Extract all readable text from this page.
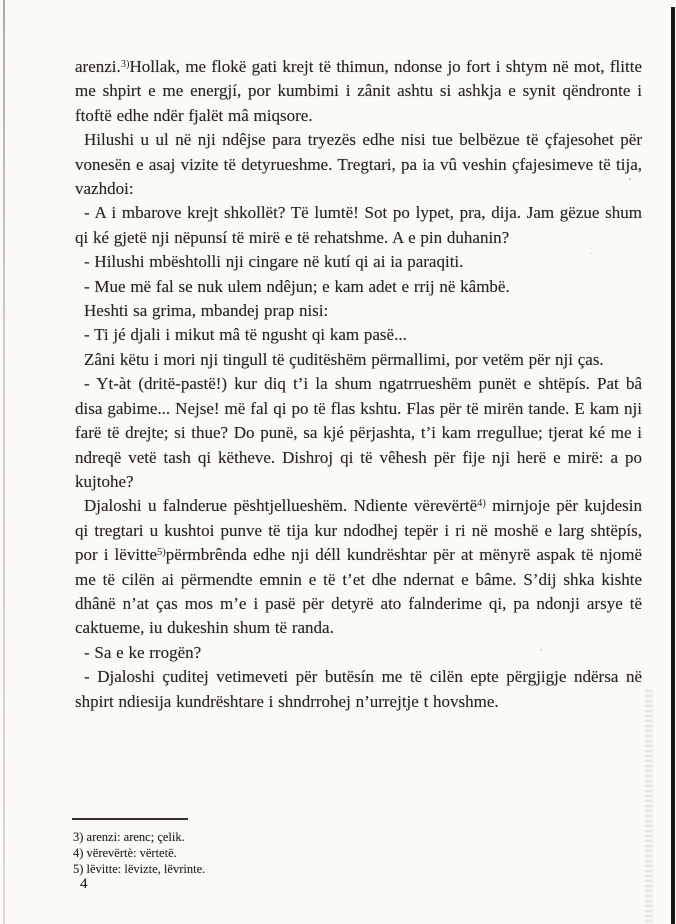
arenzi.$^{3)}$Hollak, me flokë gati krejt të thimun, ndonse jo fort i shtym në mot, flitte me shpirt e me energjí, por kumbimi i zânit ashtu si ashkja e synit qëndronte i ftoftë edhe ndër fjalët mâ miqsore.

Hilushi u ul në nji ndêjse para tryezës edhe nisi tue belbëzue të çfajesohet për vonesën e asaj vizite të detyrueshme. Tregtari, pa ia vû veshin çfajesimeve të tija, vazhdoi:

- A i mbarove krejt shkollët? Të lumtë! Sot po lypet, pra, dija. Jam gëzue shum qi ké gjetë nji nëpunsí të mirë e të rehatshme. A e pin duhanin?

- Hilushi mbështolli nji cingare në kutí qi ai ia paraqiti.

- Mue më fal se nuk ulem ndêjun; e kam adet e rrij në kâmbë.

Heshti sa grima, mbandej prap nisi:

- Ti jé djali i mikut mâ të ngusht qi kam pasë...

Zâni këtu i mori nji tingull të çuditëshëm përmallimi, por vetëm për nji ças.

- Yt-àt (dritë-pastë!) kur diq t’i la shum ngatrrueshëm punët e shtëpís. Pat bâ disa gabime... Nejse! më fal qi po të flas kshtu. Flas për të mirën tande. E kam nji farë të drejte; si thue? Do punë, sa kjé përjashta, t’i kam rregullue; tjerat ké me i ndreqë vetë tash qi këtheve. Dishroj qi të vêhesh për fije nji herë e mirë: a po kujtohe?

Djaloshi u falnderue pështjellueshëm. Ndiente vërevërtë$^{4)}$ mirnjoje për kujdesin qi tregtari u kushtoi punve të tija kur ndodhej tepër i ri në moshë e larg shtëpís, por i lëvitte$^{5)}$përmbrênda edhe nji déll kundrështar për at mënyrë aspak të njomë me të cilën ai përmendte emnin e të t’et dhe ndernat e bâme. S’dij shka kishte dhânë n’at ças mos m’e i pasë për detyrë ato falnderime qi, pa ndonji arsye të caktueme, iu dukeshin shum të randa.

- Sa e ke rrogën?

- Djaloshi çuditej vetimeveti për butësín me të cilën epte përgjigje ndërsa në shpirt ndiesija kundrështare i shndrrohej n’urrejtje t hovshme.

3) arenzi: arenc; çelik.
4) vërevërtè: vërtetë.
5) lëvitte: lëvizte, lëvrinte.
4
